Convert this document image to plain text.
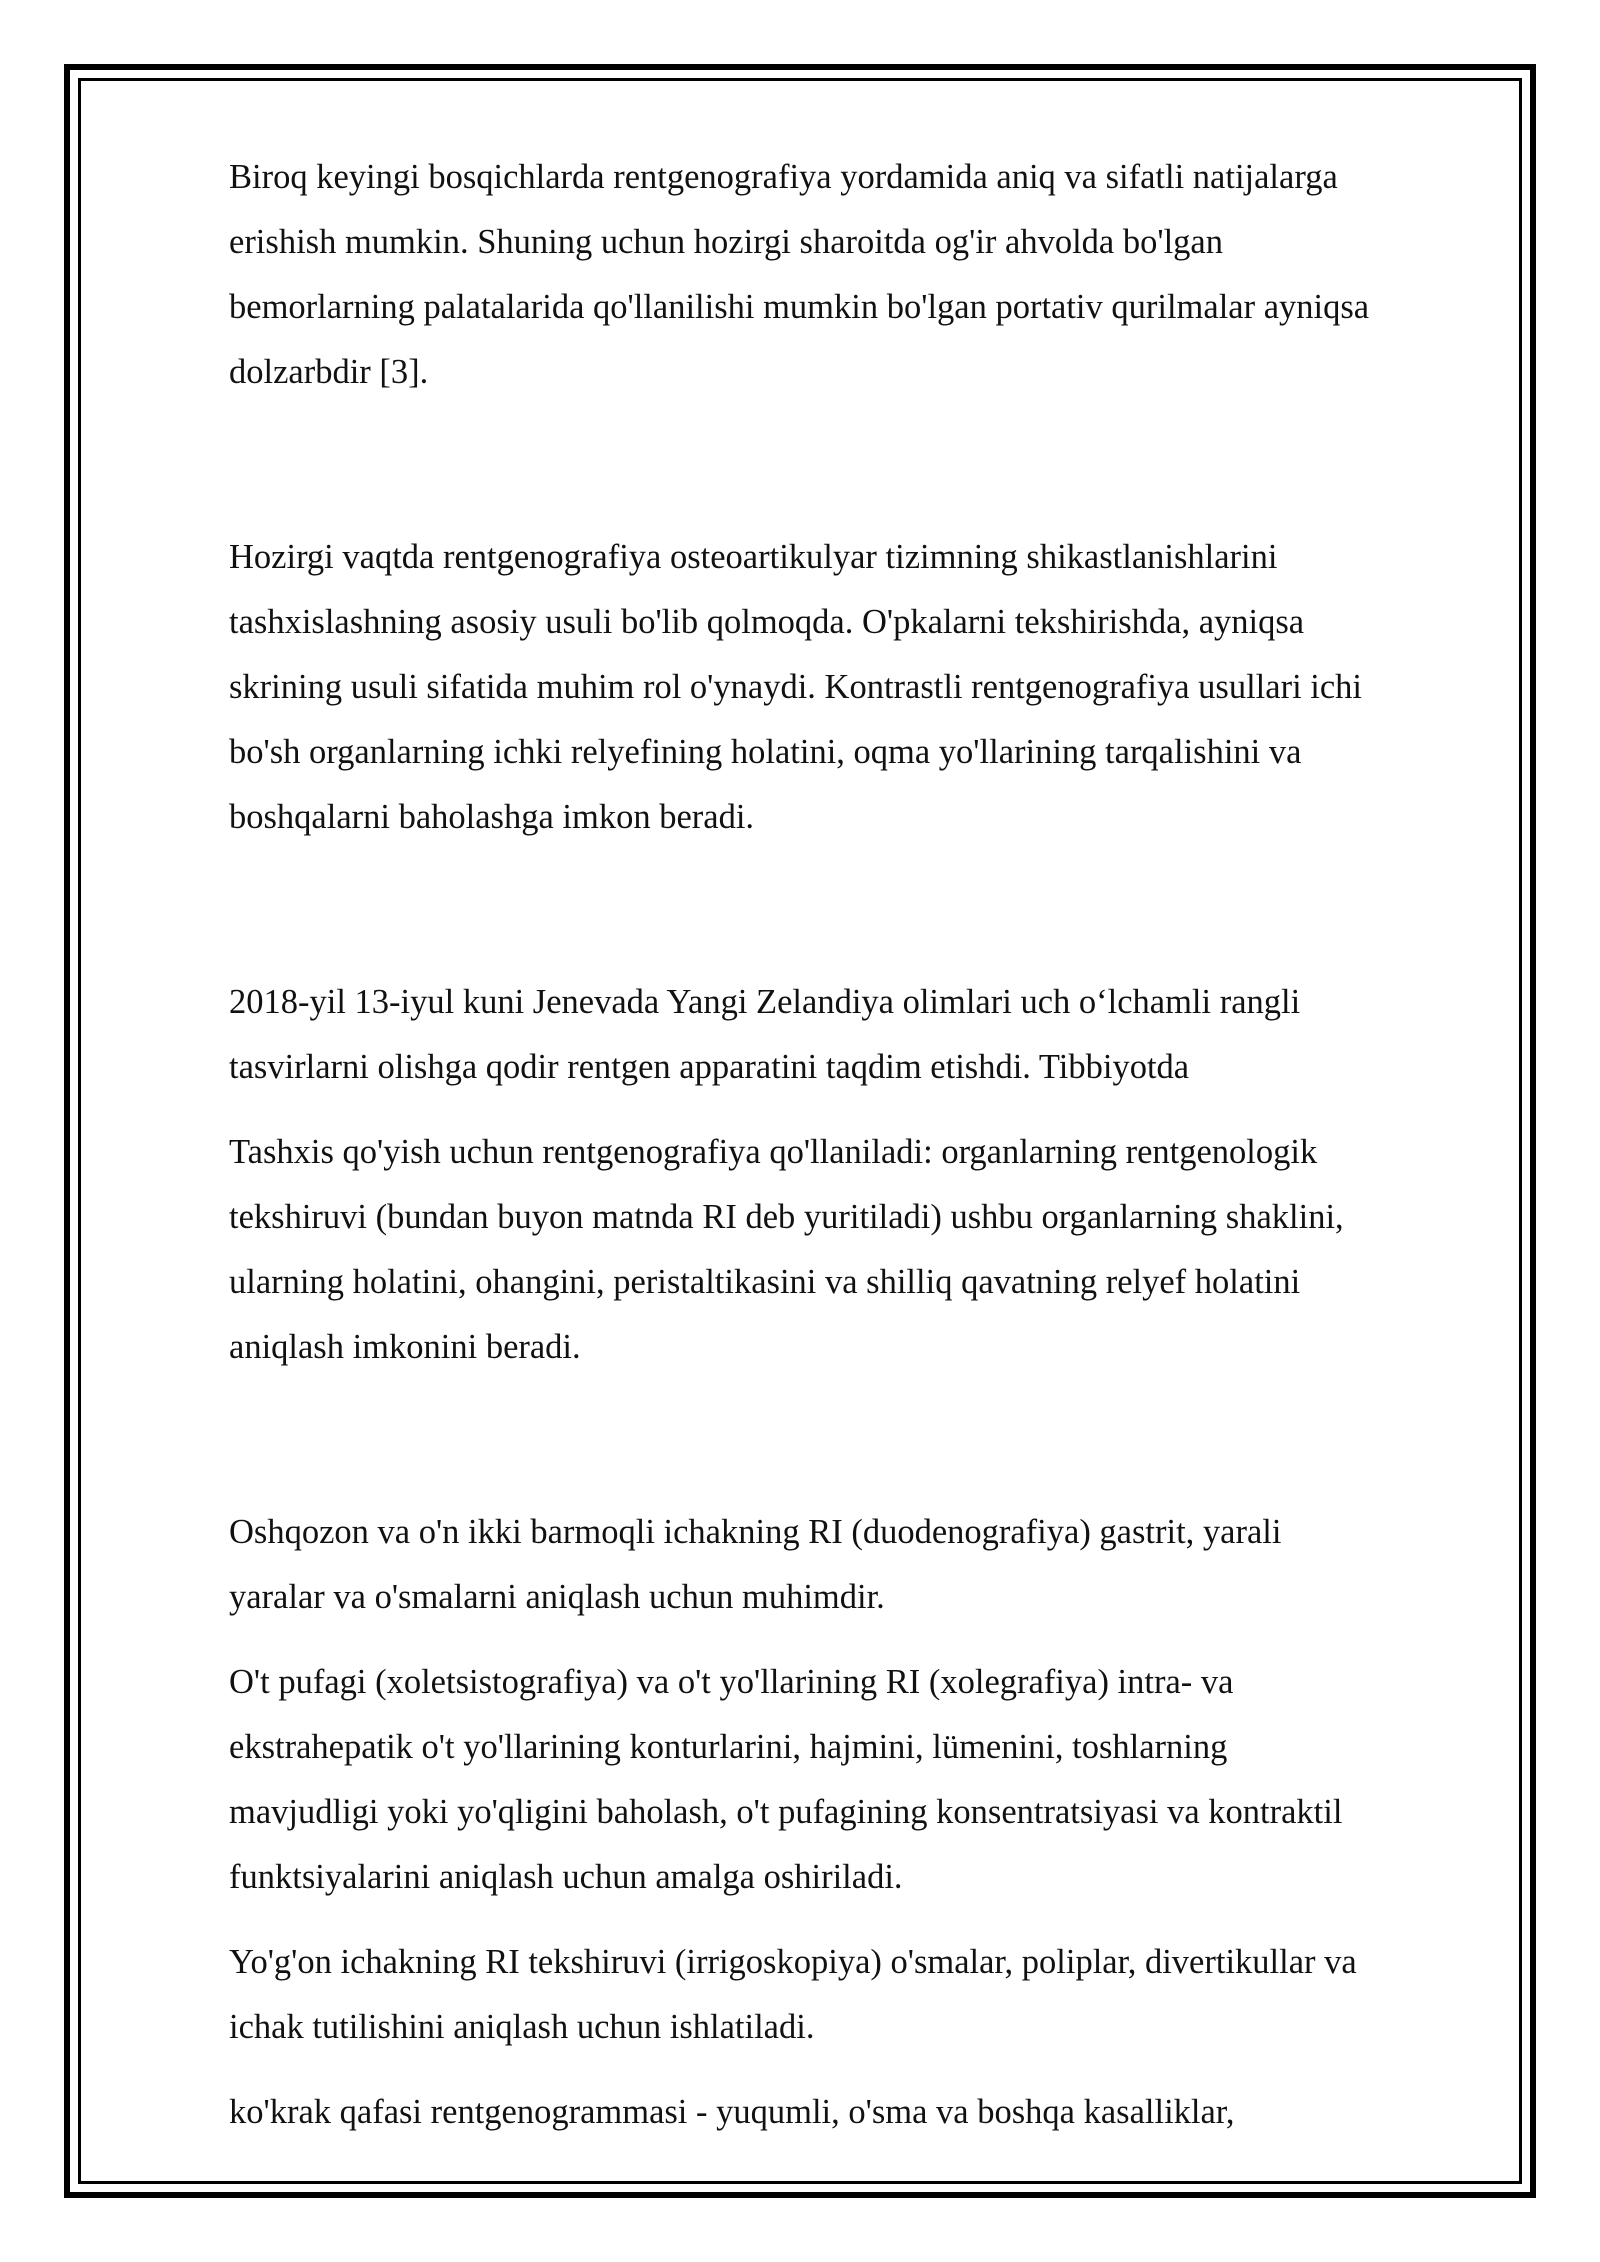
Biroq keyingi bosqichlarda rentgenografiya yordamida aniq va sifatli natijalarga
erishish mumkin. Shuning uchun hozirgi sharoitda og'ir ahvolda bo'lgan
bemorlarning palatalarida qo'llanilishi mumkin bo'lgan portativ qurilmalar ayniqsa
dolzarbdir [3].

Hozirgi vaqtda rentgenografiya osteoartikulyar tizimning shikastlanishlarini
tashxislashning asosiy usuli bo'lib qolmoqda. O'pkalarni tekshirishda, ayniqsa
skrining usuli sifatida muhim rol o'ynaydi. Kontrastli rentgenografiya usullari ichi
bo'sh organlarning ichki relyefining holatini, oqma yo'llarining tarqalishini va
boshqalarni baholashga imkon beradi.

2018-yil 13-iyul kuni Jenevada Yangi Zelandiya olimlari uch o‘lchamli rangli
tasvirlarni olishga qodir rentgen apparatini taqdim etishdi. Tibbiyotda

Tashxis qo'yish uchun rentgenografiya qo'llaniladi: organlarning rentgenologik
tekshiruvi (bundan buyon matnda RI deb yuritiladi) ushbu organlarning shaklini,
ularning holatini, ohangini, peristaltikasini va shilliq qavatning relyef holatini
aniqlash imkonini beradi.

Oshqozon va o'n ikki barmoqli ichakning RI (duodenografiya) gastrit, yarali
yaralar va o'smalarni aniqlash uchun muhimdir.

O't pufagi (xoletsistografiya) va o't yo'llarining RI (xolegrafiya) intra- va
ekstrahepatik o't yo'llarining konturlarini, hajmini, lümenini, toshlarning
mavjudligi yoki yo'qligini baholash, o't pufagining konsentratsiyasi va kontraktil
funktsiyalarini aniqlash uchun amalga oshiriladi.

Yo'g'on ichakning RI tekshiruvi (irrigoskopiya) o'smalar, poliplar, divertikullar va
ichak tutilishini aniqlash uchun ishlatiladi.

ko'krak qafasi rentgenogrammasi - yuqumli, o'sma va boshqa kasalliklar,
